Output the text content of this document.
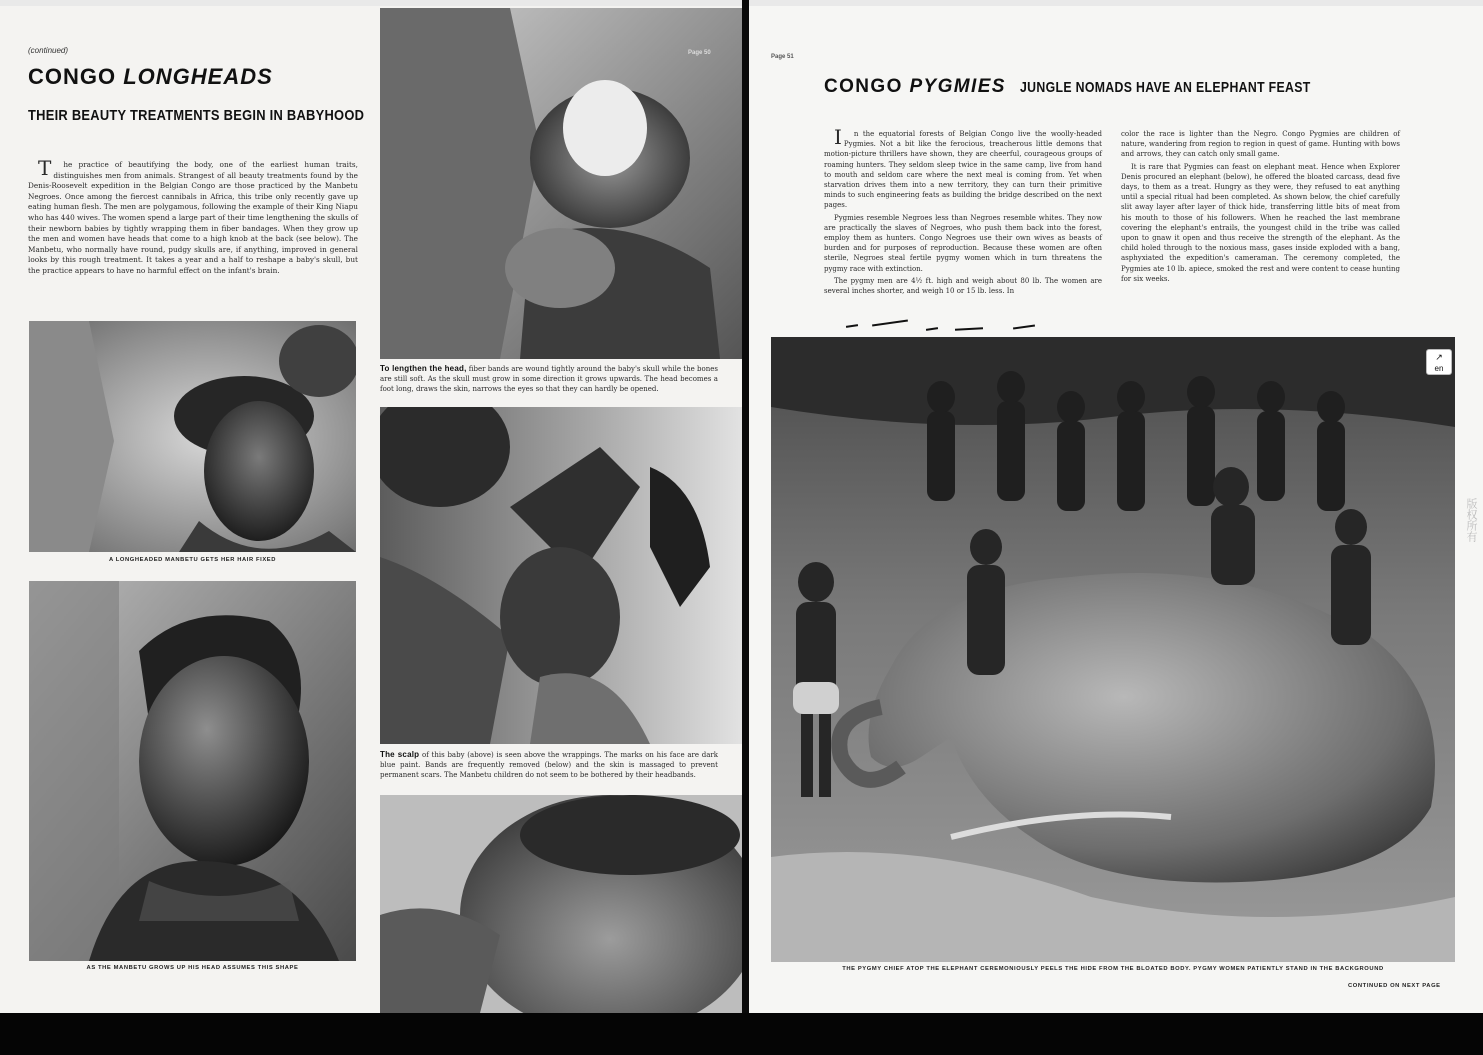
(continued)
CONGO LONGHEADS
THEIR BEAUTY TREATMENTS BEGIN IN BABYHOOD

The practice of beautifying the body, one of the earliest human traits, distinguishes men from animals. Strangest of all beauty treatments found by the Denis-Roosevelt expedition in the Belgian Congo are those practiced by the Manbetu Negroes. Once among the fiercest cannibals in Africa, this tribe only recently gave up eating human flesh. The men are polygamous, following the example of their King Niapu who has 440 wives. The women spend a large part of their time lengthening the skulls of their newborn babies by tightly wrapping them in fiber bandages. When they grow up the men and women have heads that come to a high knob at the back (see below). The Manbetu, who normally have round, pudgy skulls are, if anything, improved in general looks by this rough treatment. It takes a year and a half to reshape a baby's skull, but the practice appears to have no harmful effect on the infant's brain.

A LONGHEADED MANBETU GETS HER HAIR FIXED
AS THE MANBETU GROWS UP HIS HEAD ASSUMES THIS SHAPE
Page 50
To lengthen the head, fiber bands are wound tightly around the baby's skull while the bones are still soft. As the skull must grow in some direction it grows upwards. The head becomes a foot long, draws the skin, narrows the eyes so that they can hardly be opened.
The scalp of this baby (above) is seen above the wrappings. The marks on his face are dark blue paint. Bands are frequently removed (below) and the skin is massaged to prevent permanent scars. The Manbetu children do not seem to be bothered by their headbands.
Page 51
CONGO PYGMIES JUNGLE NOMADS HAVE AN ELEPHANT FEAST

In the equatorial forests of Belgian Congo live the woolly-headed Pygmies. Not a bit like the ferocious, treacherous little demons that motion-picture thrillers have shown, they are cheerful, courageous groups of roaming hunters. They seldom sleep twice in the same camp, live from hand to mouth and seldom care where the next meal is coming from. Yet when starvation drives them into a new territory, they can turn their primitive minds to such engineering feats as building the bridge described on the next pages.

Pygmies resemble Negroes less than Negroes resemble whites. They now are practically the slaves of Negroes, who push them back into the forest, employ them as hunters. Congo Negroes use their own wives as beasts of burden and for purposes of reproduction. Because these women are often sterile, Negroes steal fertile pygmy women which in turn threatens the pygmy race with extinction.

The pygmy men are 4½ ft. high and weigh about 80 lb. The women are several inches shorter, and weigh 10 or 15 lb. less. In

color the race is lighter than the Negro. Congo Pygmies are children of nature, wandering from region to region in quest of game. Hunting with bows and arrows, they can catch only small game.

It is rare that Pygmies can feast on elephant meat. Hence when Explorer Denis procured an elephant (below), he offered the bloated carcass, dead five days, to them as a treat. Hungry as they were, they refused to eat anything until a special ritual had been completed. As shown below, the chief carefully slit away layer after layer of thick hide, transferring little bits of meat from his mouth to those of his followers. When he reached the last membrane covering the elephant's entrails, the youngest child in the tribe was called upon to gnaw it open and thus receive the strength of the elephant. As the child holed through to the noxious mass, gases inside exploded with a bang, asphyxiated the expedition's cameraman. The ceremony completed, the Pygmies ate 10 lb. apiece, smoked the rest and were content to cease hunting for six weeks.

THE PYGMY CHIEF ATOP THE ELEPHANT CEREMONIOUSLY PEELS THE HIDE FROM THE BLOATED BODY. PYGMY WOMEN PATIENTLY STAND IN THE BACKGROUND
CONTINUED ON NEXT PAGE
↗
en
版权所有
